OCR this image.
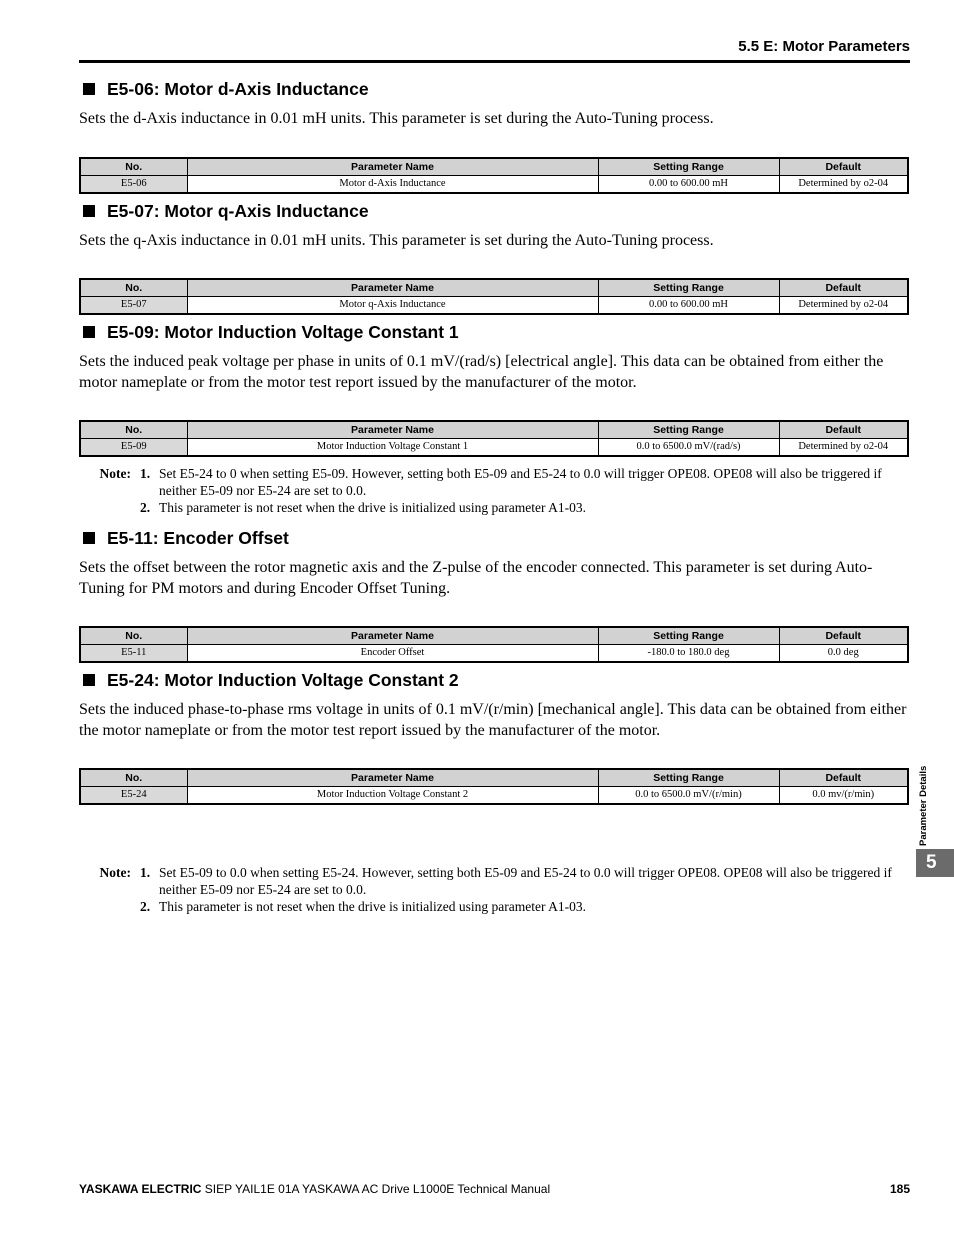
5.5 E: Motor Parameters
E5-06: Motor d-Axis Inductance

Sets the d-Axis inductance in 0.01 mH units. This parameter is set during the Auto-Tuning process.

No.	Parameter Name	Setting Range	Default
E5-06	Motor d-Axis Inductance	0.00 to 600.00 mH	Determined by o2-04
E5-07: Motor q-Axis Inductance

Sets the q-Axis inductance in 0.01 mH units. This parameter is set during the Auto-Tuning process.

No.	Parameter Name	Setting Range	Default
E5-07	Motor q-Axis Inductance	0.00 to 600.00 mH	Determined by o2-04
E5-09: Motor Induction Voltage Constant 1

Sets the induced peak voltage per phase in units of 0.1 mV/(rad/s) [electrical angle]. This data can be obtained from either the motor nameplate or from the motor test report issued by the manufacturer of the motor.

No.	Parameter Name	Setting Range	Default
E5-09	Motor Induction Voltage Constant 1	0.0 to 6500.0 mV/(rad/s)	Determined by o2-04
Note: 1. Set E5-24 to 0 when setting E5-09. However, setting both E5-09 and E5-24 to 0.0 will trigger OPE08. OPE08 will also be triggered if neither E5-09 nor E5-24 are set to 0.0.
2. This parameter is not reset when the drive is initialized using parameter A1-03.
E5-11: Encoder Offset

Sets the offset between the rotor magnetic axis and the Z-pulse of the encoder connected. This parameter is set during Auto-Tuning for PM motors and during Encoder Offset Tuning.

No.	Parameter Name	Setting Range	Default
E5-11	Encoder Offset	-180.0 to 180.0 deg	0.0 deg
E5-24: Motor Induction Voltage Constant 2

Sets the induced phase-to-phase rms voltage in units of 0.1 mV/(r/min) [mechanical angle]. This data can be obtained from either the motor nameplate or from the motor test report issued by the manufacturer of the motor.

No.	Parameter Name	Setting Range	Default
E5-24	Motor Induction Voltage Constant 2	0.0 to 6500.0 mV/(r/min)	0.0 mv/(r/min)
Note: 1. Set E5-09 to 0.0 when setting E5-24. However, setting both E5-09 and E5-24 to 0.0 will trigger OPE08. OPE08 will also be triggered if neither E5-09 nor E5-24 are set to 0.0.
2. This parameter is not reset when the drive is initialized using parameter A1-03.
Parameter Details
5
YASKAWA ELECTRIC SIEP YAIL1E 01A YASKAWA AC Drive L1000E Technical Manual	185
